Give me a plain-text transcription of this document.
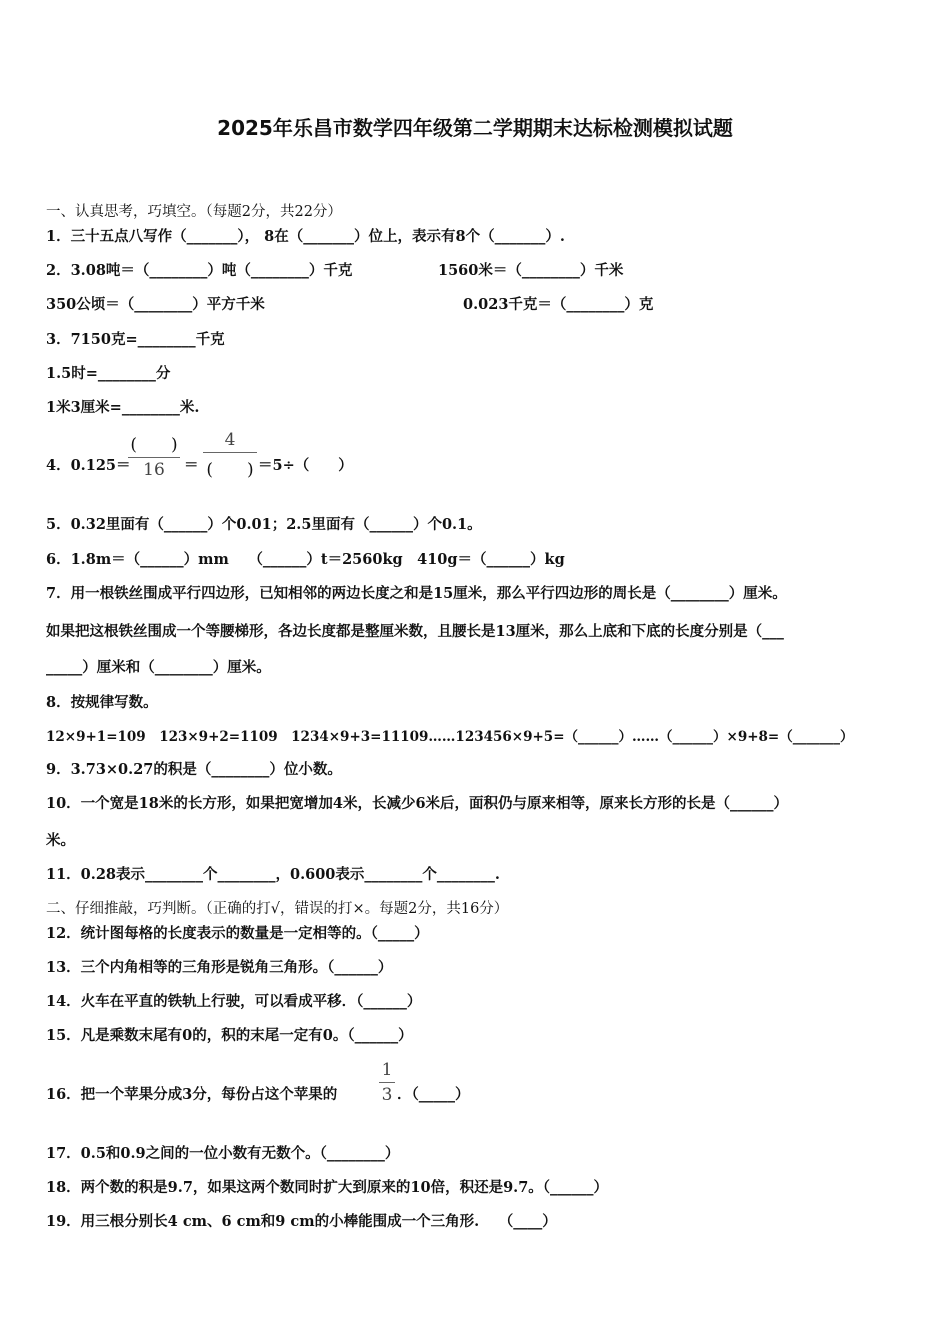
2025年乐昌市数学四年级第二学期期末达标检测模拟试题
一、认真思考，巧填空。（每题2分，共22分）
1．三十五点八写作（_______）， 8在（_______）位上，表示有8个（_______）.
2．3.08吨＝（________）吨（________）千克	1560米＝（________）千米
350公顷＝（________）平方千米	0.023千克＝（________）克
3．7150克=________千克
1.5时=________分
1米3厘米=________米.
4．0.125＝
(　　)
16	＝
4
(　　) ＝5÷（　　）
5．0.32里面有（______）个0.01；2.5里面有（______）个0.1。
6．1.8m＝（______）mm　 （______）t＝2560kg　410g＝（______）kg
7．用一根铁丝围成平行四边形，已知相邻的两边长度之和是15厘米，那么平行四边形的周长是（________）厘米。
如果把这根铁丝围成一个等腰梯形，各边长度都是整厘米数，且腰长是13厘米，那么上底和下底的长度分别是（___
_____）厘米和（________）厘米。
8．按规律写数。
12×9+1=109　123×9+2=1109　1234×9+3=11109……123456×9+5=（______）……（______）×9+8=（_______）
9．3.73×0.27的积是（________）位小数。
10．一个宽是18米的长方形，如果把宽增加4米，长减少6米后，面积仍与原来相等，原来长方形的长是（______）
米。
11．0.28表示________个________，0.600表示________个________.
二、仔细推敲，巧判断。（正确的打√，错误的打×。每题2分，共16分）
12．统计图每格的长度表示的数量是一定相等的。（_____）
13．三个内角相等的三角形是锐角三角形。（______）
14．火车在平直的铁轨上行驶，可以看成平移．（______）
15．凡是乘数末尾有0的，积的末尾一定有0。（______）
16．把一个苹果分成3分，每份占这个苹果的
1
3 ．（_____）
17．0.5和0.9之间的一位小数有无数个。（________）
18．两个数的积是9.7，如果这两个数同时扩大到原来的10倍，积还是9.7。（______）
19．用三根分别长4 cm、6 cm和9 cm的小棒能围成一个三角形.　 （____）
